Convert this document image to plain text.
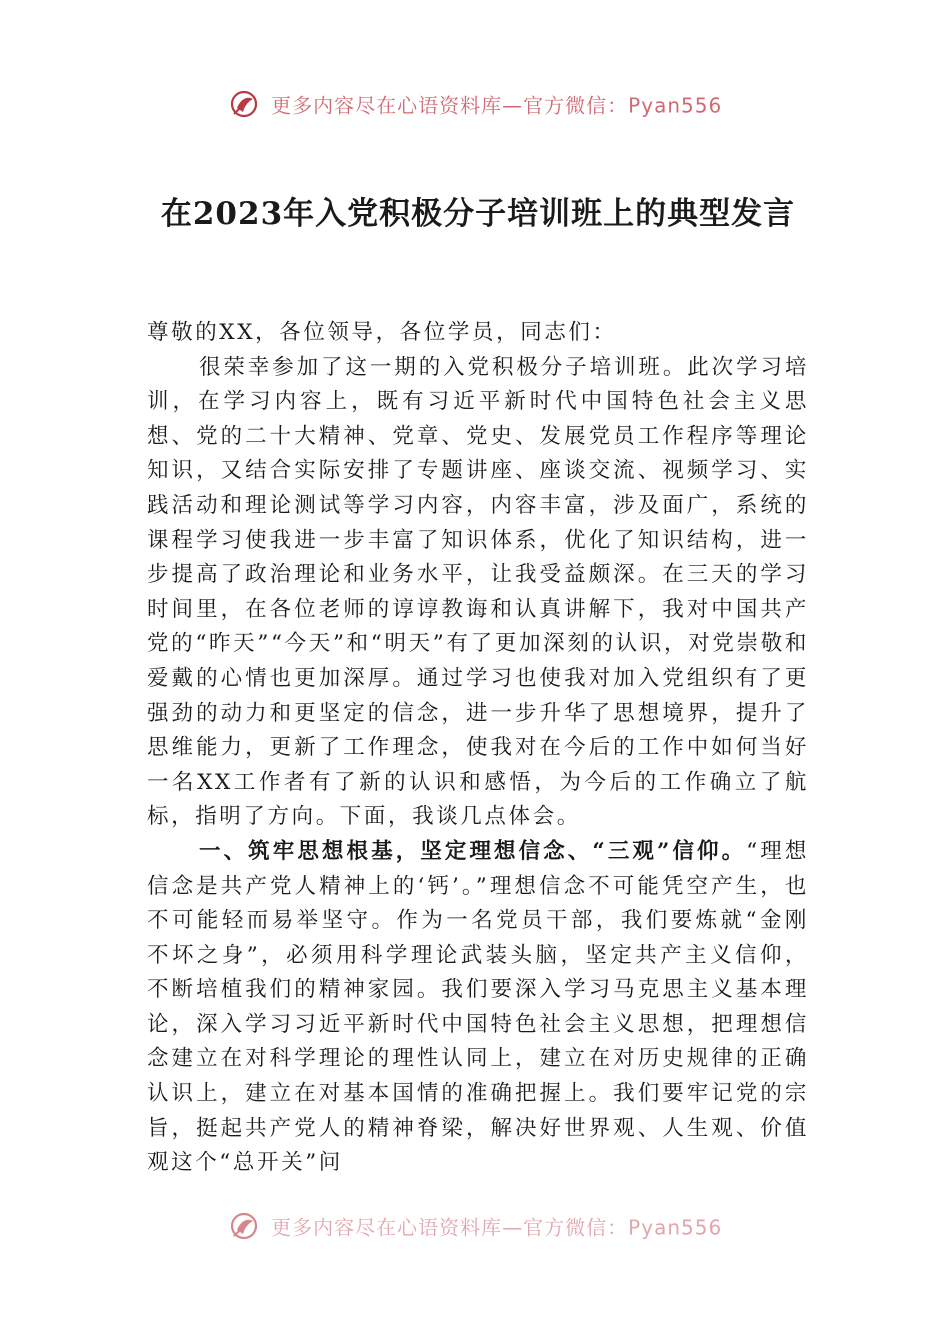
更多内容尽在心语资料库—官方微信：Pyan556
在2023年入党积极分子培训班上的典型发言

尊敬的XX，各位领导，各位学员，同志们：

很荣幸参加了这一期的入党积极分子培训班。此次学习培训，在学习内容上，既有习近平新时代中国特色社会主义思想、党的二十大精神、党章、党史、发展党员工作程序等理论知识，又结合实际安排了专题讲座、座谈交流、视频学习、实践活动和理论测试等学习内容，内容丰富，涉及面广，系统的课程学习使我进一步丰富了知识体系，优化了知识结构，进一步提高了政治理论和业务水平，让我受益颇深。在三天的学习时间里，在各位老师的谆谆教诲和认真讲解下，我对中国共产党的“昨天”“今天”和“明天”有了更加深刻的认识，对党崇敬和爱戴的心情也更加深厚。通过学习也使我对加入党组织有了更强劲的动力和更坚定的信念，进一步升华了思想境界，提升了思维能力，更新了工作理念，使我对在今后的工作中如何当好一名XX工作者有了新的认识和感悟，为今后的工作确立了航标，指明了方向。下面，我谈几点体会。

一、筑牢思想根基，坚定理想信念、“三观”信仰。“理想信念是共产党人精神上的‘钙’。”理想信念不可能凭空产生，也不可能轻而易举坚守。作为一名党员干部，我们要炼就“金刚不坏之身”，必须用科学理论武装头脑，坚定共产主义信仰，不断培植我们的精神家园。我们要深入学习马克思主义基本理论，深入学习习近平新时代中国特色社会主义思想，把理想信念建立在对科学理论的理性认同上，建立在对历史规律的正确认识上，建立在对基本国情的准确把握上。我们要牢记党的宗旨，挺起共产党人的精神脊梁，解决好世界观、人生观、价值观这个“总开关”问

更多内容尽在心语资料库—官方微信：Pyan556
